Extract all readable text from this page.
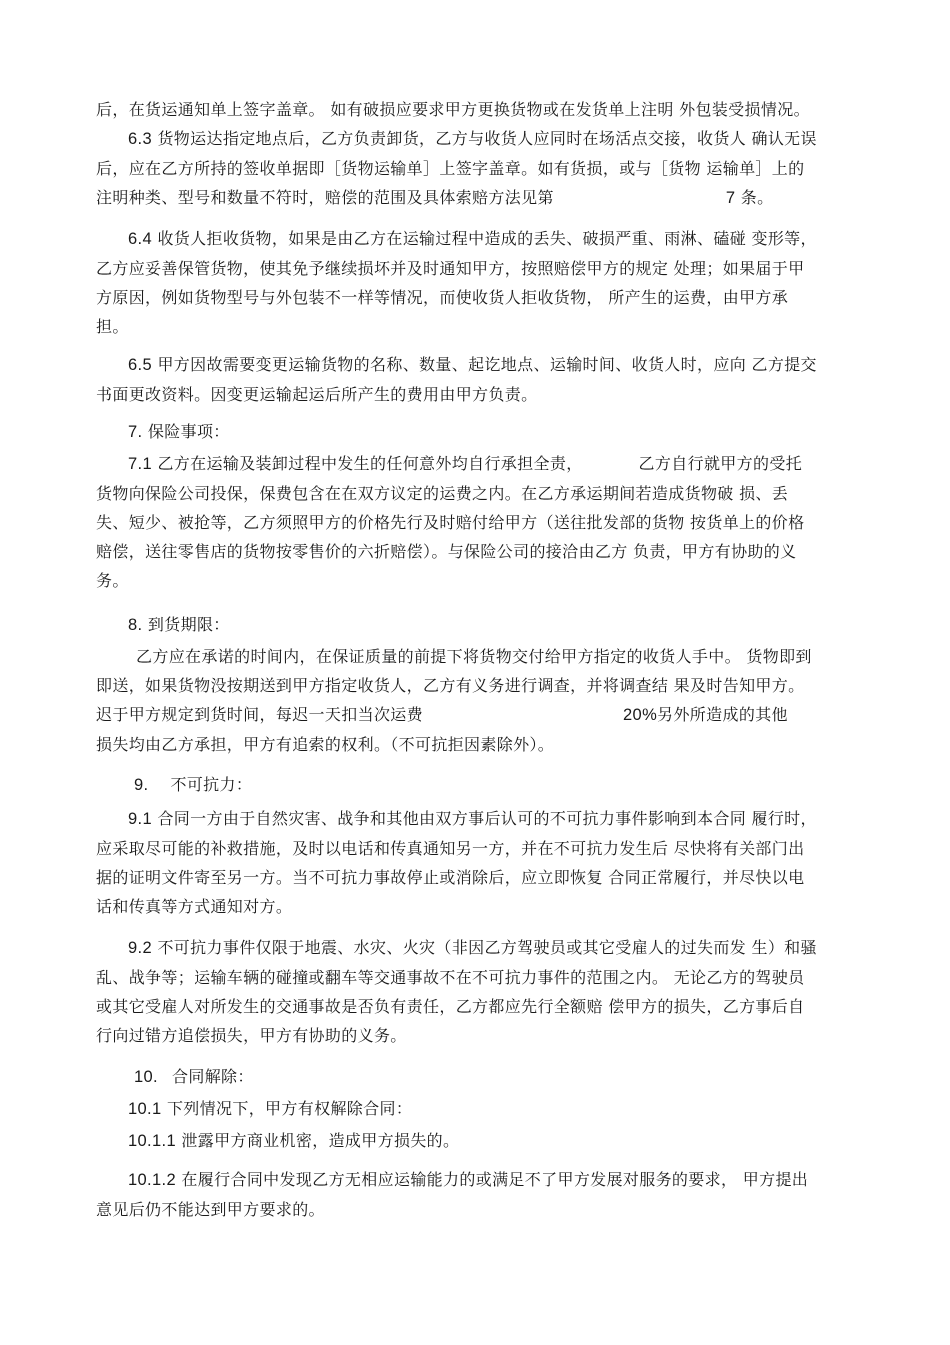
后，在货运通知单上签字盖章。 如有破损应要求甲方更换货物或在发货单上注明 外包装受损情况。
6.3 货物运达指定地点后，乙方负责卸货，乙方与收货人应同时在场活点交接，收货人 确认无误
后，应在乙方所持的签收单据即［货物运输单］上签字盖章。如有货损，或与［货物 运输单］上的
注明种类、型号和数量不符时，赔偿的范围及具体索赔方法见第	7 条。
6.4 收货人拒收货物，如果是由乙方在运输过程中造成的丢失、破损严重、雨淋、磕碰 变形等，
乙方应妥善保管货物，使其免予继续损坏并及时通知甲方，按照赔偿甲方的规定 处理；如果届于甲
方原因，例如货物型号与外包装不一样等情况，而使收货人拒收货物， 所产生的运费，由甲方承
担。
6.5 甲方因故需要变更运输货物的名称、数量、起讫地点、运输时间、收货人时，应向 乙方提交
书面更改资料。因变更运输起运后所产生的费用由甲方负责。
7. 保险事项：
7.1 乙方在运输及装卸过程中发生的任何意外均自行承担全责，	乙方自行就甲方的受托
货物向保险公司投保，保费包含在在双方议定的运费之内。在乙方承运期间若造成货物破 损、丢
失、短少、被抢等，乙方须照甲方的价格先行及时赔付给甲方（送往批发部的货物 按货单上的价格
赔偿，送往零售店的货物按零售价的六折赔偿）。与保险公司的接洽由乙方 负责，甲方有协助的义
务。
8. 到货期限：
乙方应在承诺的时间内，在保证质量的前提下将货物交付给甲方指定的收货人手中。 货物即到
即送，如果货物没按期送到甲方指定收货人，乙方有义务进行调查，并将调查结 果及时告知甲方。
迟于甲方规定到货时间，每迟一天扣当次运费	20%另外所造成的其他
损失均由乙方承担，甲方有追索的权利。（不可抗拒因素除外）。
9. 不可抗力：
9.1 合同一方由于自然灾害、战争和其他由双方事后认可的不可抗力事件影响到本合同 履行时，
应采取尽可能的补救措施，及时以电话和传真通知另一方，并在不可抗力发生后 尽快将有关部门出
据的证明文件寄至另一方。当不可抗力事故停止或消除后，应立即恢复 合同正常履行，并尽快以电
话和传真等方式通知对方。
9.2 不可抗力事件仅限于地震、水灾、火灾（非因乙方驾驶员或其它受雇人的过失而发 生）和骚
乱、战争等；运输车辆的碰撞或翻车等交通事故不在不可抗力事件的范围之内。 无论乙方的驾驶员
或其它受雇人对所发生的交通事故是否负有责任，乙方都应先行全额赔 偿甲方的损失，乙方事后自
行向过错方追偿损失，甲方有协助的义务。
10. 合同解除：
10.1 下列情况下，甲方有权解除合同：
10.1.1 泄露甲方商业机密，造成甲方损失的。
10.1.2 在履行合同中发现乙方无相应运输能力的或满足不了甲方发展对服务的要求， 甲方提出
意见后仍不能达到甲方要求的。
